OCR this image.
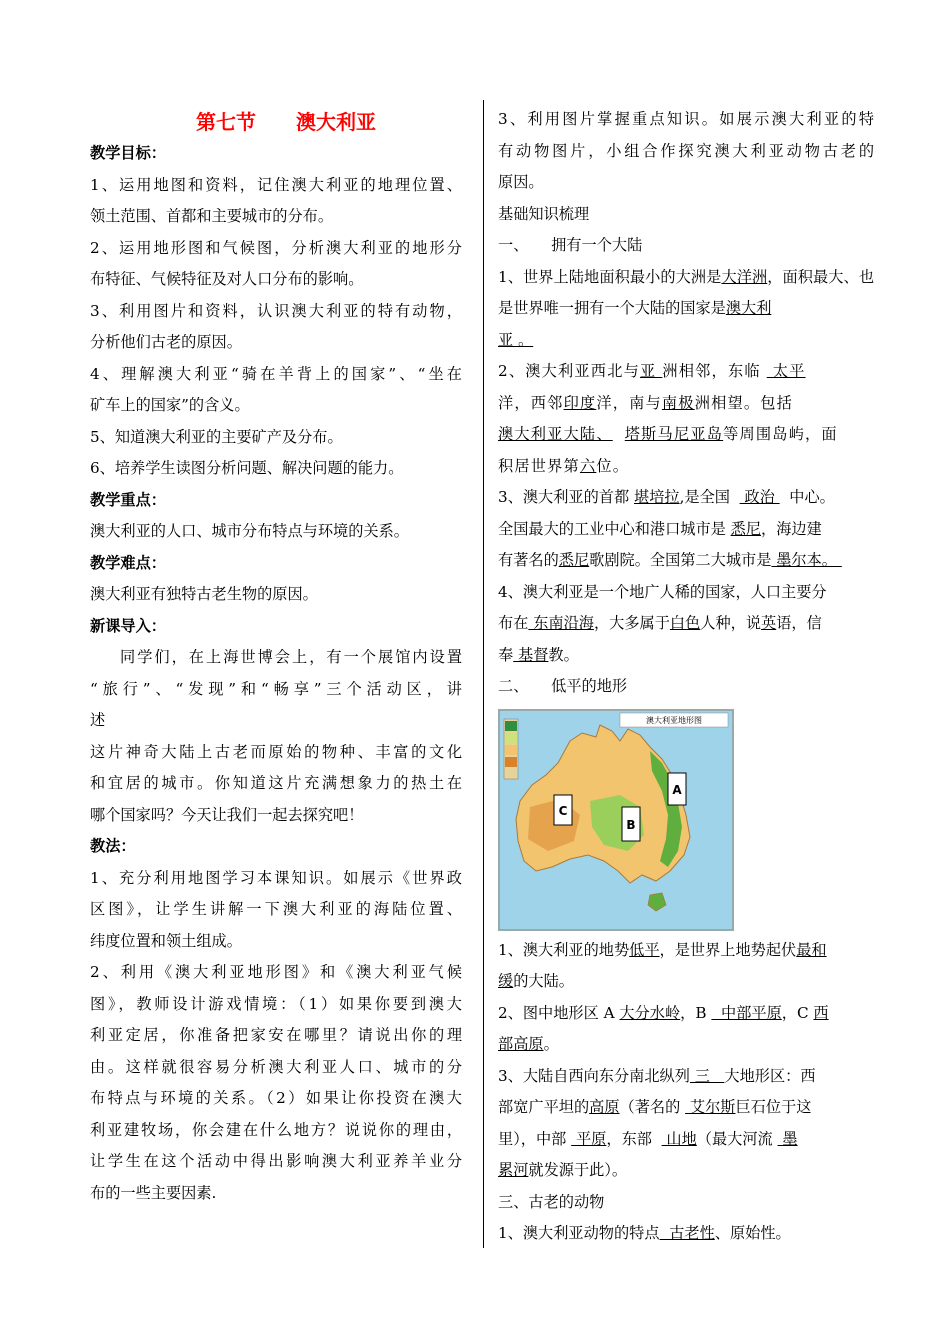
第七节　　澳大利亚

教学目标：

1、运用地图和资料，记住澳大利亚的地理位置、

领土范围、首都和主要城市的分布。

2、运用地形图和气候图，分析澳大利亚的地形分

布特征、气候特征及对人口分布的影响。

3、利用图片和资料，认识澳大利亚的特有动物，

分析他们古老的原因。

4、理解澳大利亚“骑在羊背上的国家”、“坐在

矿车上的国家”的含义。

5、知道澳大利亚的主要矿产及分布。

6、培养学生读图分析问题、解决问题的能力。

教学重点：

澳大利亚的人口、城市分布特点与环境的关系。

教学难点：

澳大利亚有独特古老生物的原因。

新课导入：

同学们，在上海世博会上，有一个展馆内设置

“旅行”、“发现”和“畅享”三个活动区，讲

述

这片神奇大陆上古老而原始的物种、丰富的文化

和宜居的城市。你知道这片充满想象力的热土在

哪个国家吗？今天让我们一起去探究吧！

教法：

1、充分利用地图学习本课知识。如展示《世界政

区图》，让学生讲解一下澳大利亚的海陆位置、

纬度位置和领土组成。

2、利用《澳大利亚地形图》和《澳大利亚气候

图》，教师设计游戏情境：（1）如果你要到澳大

利亚定居，你准备把家安在哪里？请说出你的理

由。这样就很容易分析澳大利亚人口、城市的分

布特点与环境的关系。（2）如果让你投资在澳大

利亚建牧场，你会建在什么地方？说说你的理由，

让学生在这个活动中得出影响澳大利亚养羊业分

布的一些主要因素.

3、利用图片掌握重点知识。如展示澳大利亚的特

有动物图片，小组合作探究澳大利亚动物古老的

原因。

基础知识梳理

一、　　拥有一个大陆

1、世界上陆地面积最小的大洲是大洋洲，面积最大、也是世界唯一拥有一个大陆的国家是澳大利
亚 。

2、澳大利亚西北与亚 洲相邻，东临  太平
洋，西邻印度洋，南与南极洲相望。包括
澳大利亚大陆、 塔斯马尼亚岛等周围岛屿，面
积居世界第六位。

3、澳大利亚的首都 堪培拉,是全国   政治   中心。
全国最大的工业中心和港口城市是 悉尼，海边建
有著名的悉尼歌剧院。全国第二大城市是 墨尔本。

4、澳大利亚是一个地广人稀的国家，人口主要分
布在 东南沿海，大多属于白色人种，说英语，信
奉 基督教。

二、　　低平的地形

澳大利亚地形图
C
B
A

1、澳大利亚的地势低平，是世界上地势起伏最和
缓的大陆。

2、图中地形区 A 大分水岭，B   中部平原，C 西
部高原。

3、大陆自西向东分南北纵列 三   大地形区：西
部宽广平坦的高原（著名的  艾尔斯巨石位于这
里），中部  平原，东部   山地（最大河流  墨
累河就发源于此）。

三、古老的动物

1、澳大利亚动物的特点  古老性、原始性。
